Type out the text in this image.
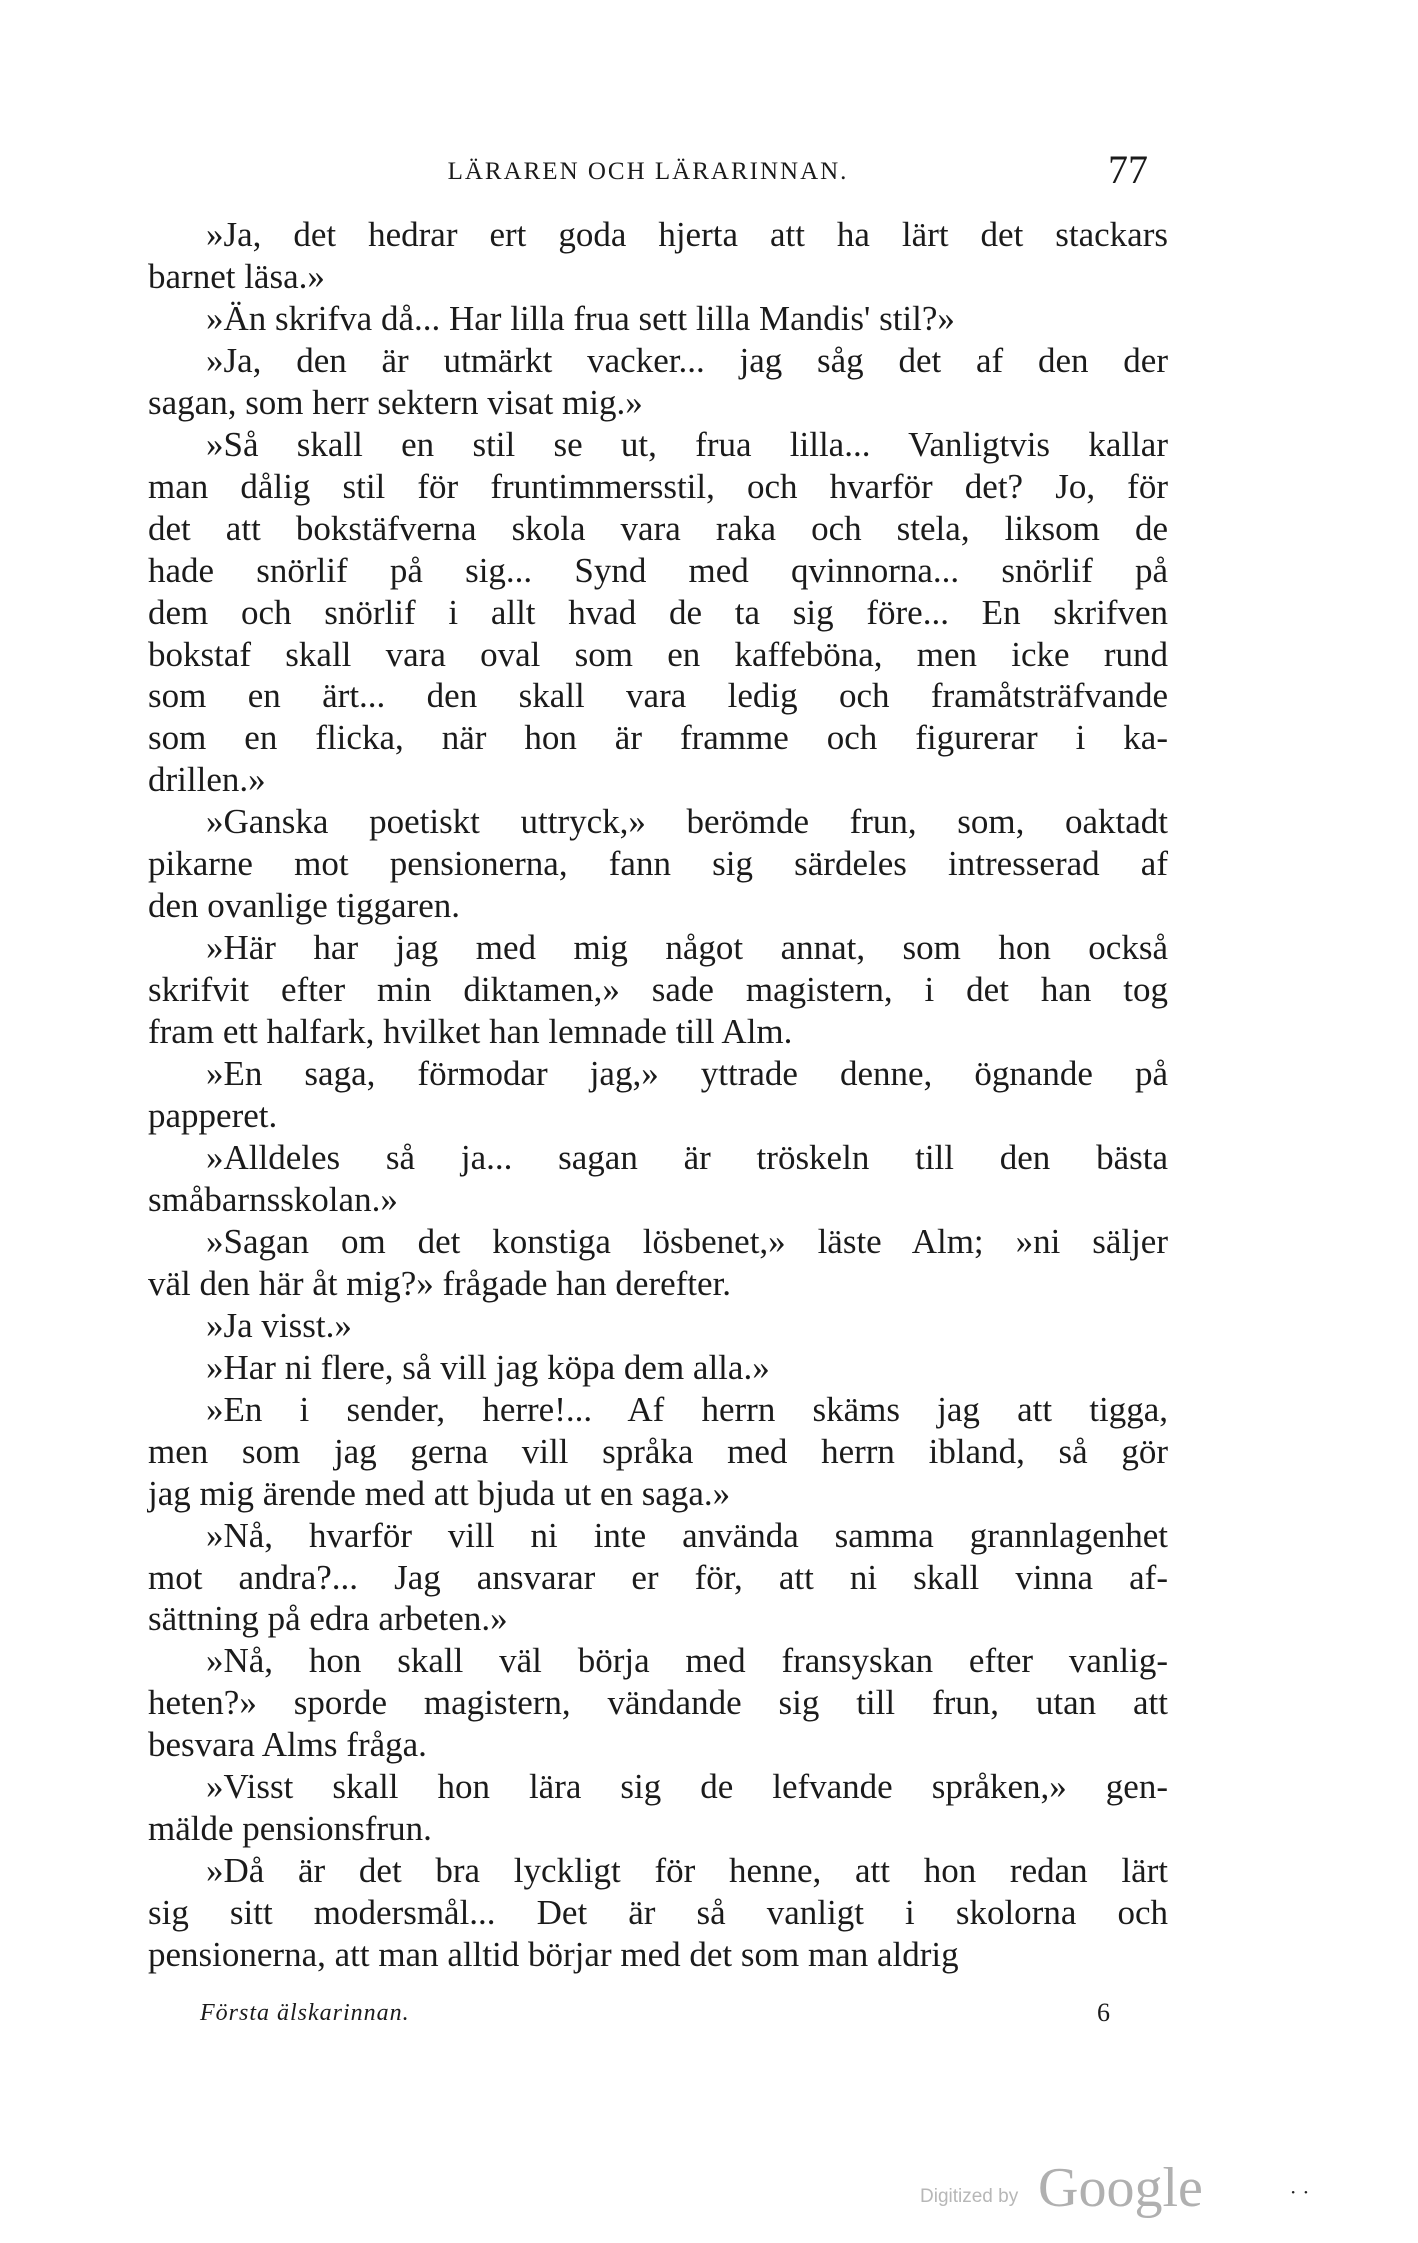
LÄRAREN OCH LÄRARINNAN.	77

»Ja, det hedrar ert goda hjerta att ha lärt det stackars
barnet läsa.»

»Än skrifva då... Har lilla frua sett lilla Mandis' stil?»

»Ja, den är utmärkt vacker... jag såg det af den der
sagan, som herr sektern visat mig.»

»Så skall en stil se ut, frua lilla... Vanligtvis kallar
man dålig stil för fruntimmersstil, och hvarför det? Jo, för
det att bokstäfverna skola vara raka och stela, liksom de
hade snörlif på sig... Synd med qvinnorna... snörlif på
dem och snörlif i allt hvad de ta sig före... En skrifven
bokstaf skall vara oval som en kaffeböna, men icke rund
som en ärt... den skall vara ledig och framåtsträfvande
som en flicka, när hon är framme och figurerar i ka-
drillen.»

»Ganska poetiskt uttryck,» berömde frun, som, oaktadt
pikarne mot pensionerna, fann sig särdeles intresserad af
den ovanlige tiggaren.

»Här har jag med mig något annat, som hon också
skrifvit efter min diktamen,» sade magistern, i det han tog
fram ett halfark, hvilket han lemnade till Alm.

»En saga, förmodar jag,» yttrade denne, ögnande på
papperet.

»Alldeles så ja... sagan är tröskeln till den bästa
småbarnsskolan.»

»Sagan om det konstiga lösbenet,» läste Alm; »ni säljer
väl den här åt mig?» frågade han derefter.

»Ja visst.»

»Har ni flere, så vill jag köpa dem alla.»

»En i sender, herre!... Af herrn skäms jag att tigga,
men som jag gerna vill språka med herrn ibland, så gör
jag mig ärende med att bjuda ut en saga.»

»Nå, hvarför vill ni inte använda samma grannlagenhet
mot andra?... Jag ansvarar er för, att ni skall vinna af-
sättning på edra arbeten.»

»Nå, hon skall väl börja med fransyskan efter vanlig-
heten?» sporde magistern, vändande sig till frun, utan att
besvara Alms fråga.

»Visst skall hon lära sig de lefvande språken,» gen-
mälde pensionsfrun.

»Då är det bra lyckligt för henne, att hon redan lärt
sig sitt modersmål... Det är så vanligt i skolorna och
pensionerna, att man alltid börjar med det som man aldrig

Första älskarinnan.	6
· ·
Digitized by Google
